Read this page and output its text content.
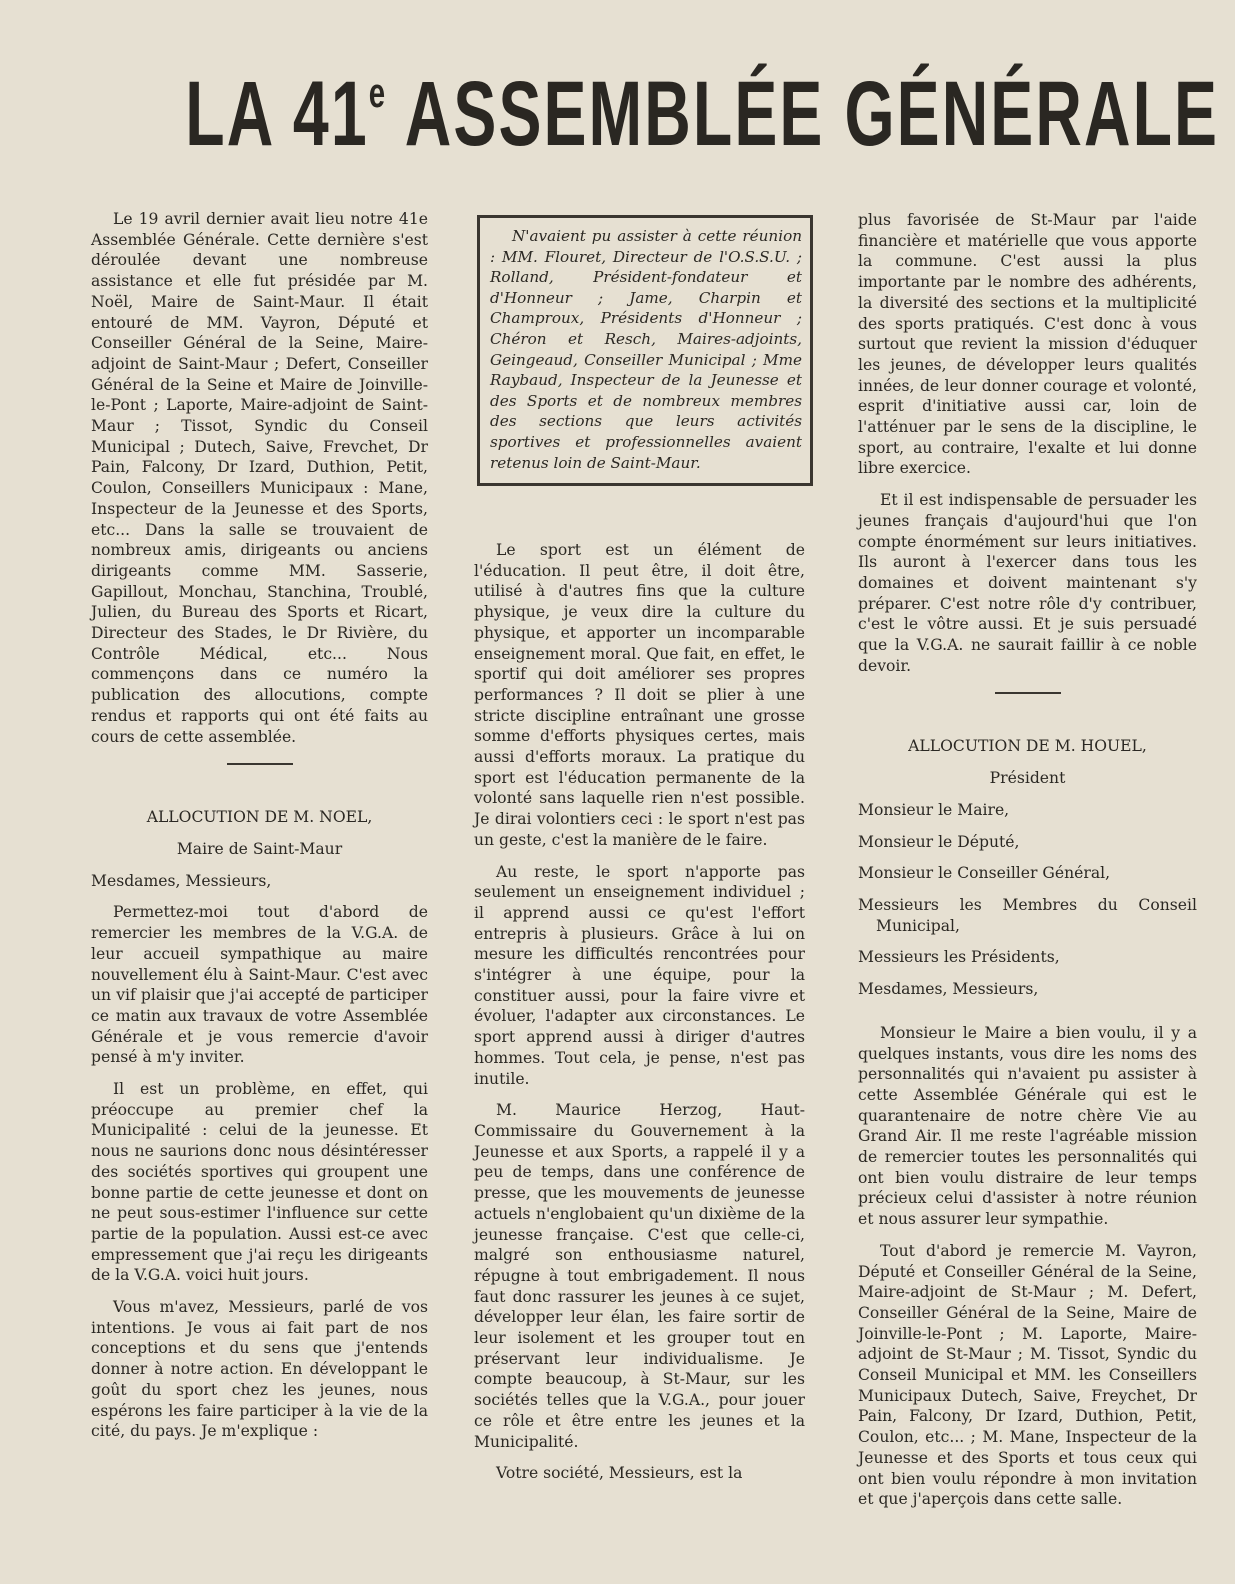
LA 41e ASSEMBLÉE GÉNÉRALE

Le 19 avril dernier avait lieu notre 41e Assemblée Générale. Cette dernière s'est déroulée devant une nombreuse assistance et elle fut présidée par M. Noël, Maire de Saint-Maur. Il était entouré de MM. Vayron, Député et Conseiller Général de la Seine, Maire-adjoint de Saint-Maur ; Defert, Conseiller Général de la Seine et Maire de Joinville-le-Pont ; Laporte, Maire-adjoint de Saint-Maur ; Tissot, Syndic du Conseil Municipal ; Dutech, Saive, Frevchet, Dr Pain, Falcony, Dr Izard, Duthion, Petit, Coulon, Conseillers Municipaux : Mane, Inspecteur de la Jeunesse et des Sports, etc... Dans la salle se trouvaient de nombreux amis, dirigeants ou anciens dirigeants comme MM. Sasserie, Gapillout, Monchau, Stanchina, Troublé, Julien, du Bureau des Sports et Ricart, Directeur des Stades, le Dr Rivière, du Contrôle Médical, etc... Nous commençons dans ce numéro la publication des allocutions, compte rendus et rapports qui ont été faits au cours de cette assemblée.

ALLOCUTION DE M. NOEL,

Maire de Saint-Maur

Mesdames, Messieurs,

Permettez-moi tout d'abord de remercier les membres de la V.G.A. de leur accueil sympathique au maire nouvellement élu à Saint-Maur. C'est avec un vif plaisir que j'ai accepté de participer ce matin aux travaux de votre Assemblée Générale et je vous remercie d'avoir pensé à m'y inviter.

Il est un problème, en effet, qui préoccupe au premier chef la Municipalité : celui de la jeunesse. Et nous ne saurions donc nous désintéresser des sociétés sportives qui groupent une bonne partie de cette jeunesse et dont on ne peut sous-estimer l'influence sur cette partie de la population. Aussi est-ce avec empressement que j'ai reçu les dirigeants de la V.G.A. voici huit jours.

Vous m'avez, Messieurs, parlé de vos intentions. Je vous ai fait part de nos conceptions et du sens que j'entends donner à notre action. En développant le goût du sport chez les jeunes, nous espérons les faire participer à la vie de la cité, du pays. Je m'explique :

N'avaient pu assister à cette réunion : MM. Flouret, Directeur de l'O.S.S.U. ; Rolland, Président-fondateur et d'Honneur ; Jame, Charpin et Champroux, Présidents d'Honneur ; Chéron et Resch, Maires-adjoints, Geingeaud, Conseiller Municipal ; Mme Raybaud, Inspecteur de la Jeunesse et des Sports et de nombreux membres des sections que leurs activités sportives et professionnelles avaient retenus loin de Saint-Maur.

Le sport est un élément de l'éducation. Il peut être, il doit être, utilisé à d'autres fins que la culture physique, je veux dire la culture du physique, et apporter un incomparable enseignement moral. Que fait, en effet, le sportif qui doit améliorer ses propres performances ? Il doit se plier à une stricte discipline entraînant une grosse somme d'efforts physiques certes, mais aussi d'efforts moraux. La pratique du sport est l'éducation permanente de la volonté sans laquelle rien n'est possible. Je dirai volontiers ceci : le sport n'est pas un geste, c'est la manière de le faire.

Au reste, le sport n'apporte pas seulement un enseignement individuel ; il apprend aussi ce qu'est l'effort entrepris à plusieurs. Grâce à lui on mesure les difficultés rencontrées pour s'intégrer à une équipe, pour la constituer aussi, pour la faire vivre et évoluer, l'adapter aux circonstances. Le sport apprend aussi à diriger d'autres hommes. Tout cela, je pense, n'est pas inutile.

M. Maurice Herzog, Haut-Commissaire du Gouvernement à la Jeunesse et aux Sports, a rappelé il y a peu de temps, dans une conférence de presse, que les mouvements de jeunesse actuels n'englobaient qu'un dixième de la jeunesse française. C'est que celle-ci, malgré son enthousiasme naturel, répugne à tout embrigadement. Il nous faut donc rassurer les jeunes à ce sujet, développer leur élan, les faire sortir de leur isolement et les grouper tout en préservant leur individualisme. Je compte beaucoup, à St-Maur, sur les sociétés telles que la V.G.A., pour jouer ce rôle et être entre les jeunes et la Municipalité.

Votre société, Messieurs, est la

plus favorisée de St-Maur par l'aide financière et matérielle que vous apporte la commune. C'est aussi la plus importante par le nombre des adhérents, la diversité des sections et la multiplicité des sports pratiqués. C'est donc à vous surtout que revient la mission d'éduquer les jeunes, de développer leurs qualités innées, de leur donner courage et volonté, esprit d'initiative aussi car, loin de l'atténuer par le sens de la discipline, le sport, au contraire, l'exalte et lui donne libre exercice.

Et il est indispensable de persuader les jeunes français d'aujourd'hui que l'on compte énormément sur leurs initiatives. Ils auront à l'exercer dans tous les domaines et doivent maintenant s'y préparer. C'est notre rôle d'y contribuer, c'est le vôtre aussi. Et je suis persuadé que la V.G.A. ne saurait faillir à ce noble devoir.

ALLOCUTION DE M. HOUEL,

Président

Monsieur le Maire,

Monsieur le Député,

Monsieur le Conseiller Général,

Messieurs les Membres du Conseil Municipal,

Messieurs les Présidents,

Mesdames, Messieurs,

Monsieur le Maire a bien voulu, il y a quelques instants, vous dire les noms des personnalités qui n'avaient pu assister à cette Assemblée Générale qui est le quarantenaire de notre chère Vie au Grand Air. Il me reste l'agréable mission de remercier toutes les personnalités qui ont bien voulu distraire de leur temps précieux celui d'assister à notre réunion et nous assurer leur sympathie.

Tout d'abord je remercie M. Vayron, Député et Conseiller Général de la Seine, Maire-adjoint de St-Maur ; M. Defert, Conseiller Général de la Seine, Maire de Joinville-le-Pont ; M. Laporte, Maire-adjoint de St-Maur ; M. Tissot, Syndic du Conseil Municipal et MM. les Conseillers Municipaux Dutech, Saive, Freychet, Dr Pain, Falcony, Dr Izard, Duthion, Petit, Coulon, etc... ; M. Mane, Inspecteur de la Jeunesse et des Sports et tous ceux qui ont bien voulu répondre à mon invitation et que j'aperçois dans cette salle.
